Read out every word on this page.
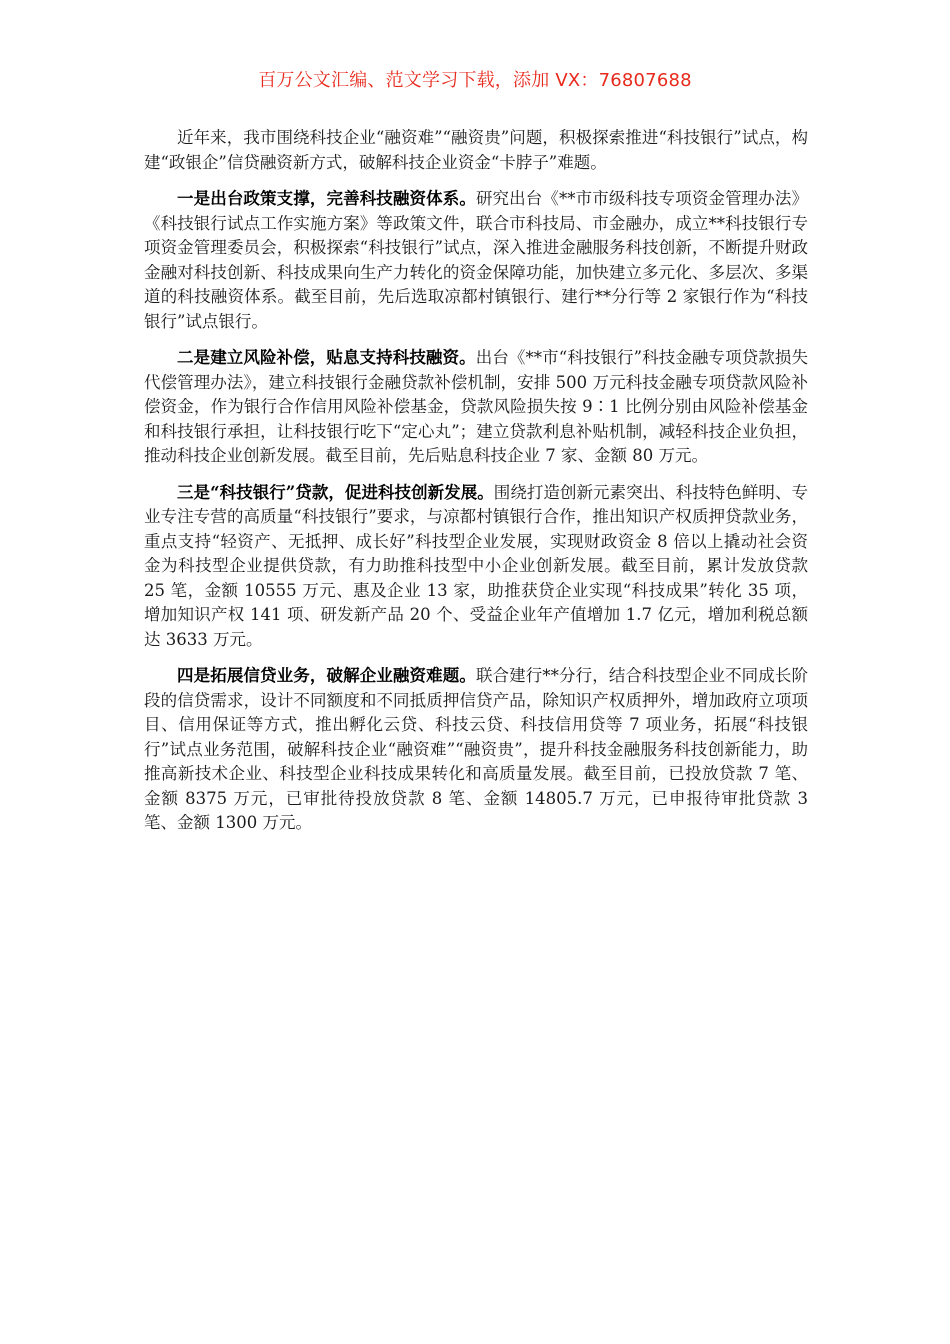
百万公文汇编、范文学习下载，添加 VX：76807688

近年来，我市围绕科技企业“融资难”“融资贵”问题，积极探索推进“科技银行”试点，构建“政银企”信贷融资新方式，破解科技企业资金“卡脖子”难题。

一是出台政策支撑，完善科技融资体系。研究出台《**市市级科技专项资金管理办法》《科技银行试点工作实施方案》等政策文件，联合市科技局、市金融办，成立**科技银行专项资金管理委员会，积极探索“科技银行”试点，深入推进金融服务科技创新，不断提升财政金融对科技创新、科技成果向生产力转化的资金保障功能，加快建立多元化、多层次、多渠道的科技融资体系。截至目前，先后选取凉都村镇银行、建行**分行等 2 家银行作为“科技银行”试点银行。

二是建立风险补偿，贴息支持科技融资。出台《**市“科技银行”科技金融专项贷款损失代偿管理办法》，建立科技银行金融贷款补偿机制，安排 500 万元科技金融专项贷款风险补偿资金，作为银行合作信用风险补偿基金，贷款风险损失按 9∶1 比例分别由风险补偿基金和科技银行承担，让科技银行吃下“定心丸”；建立贷款利息补贴机制，减轻科技企业负担，推动科技企业创新发展。截至目前，先后贴息科技企业 7 家、金额 80 万元。

三是“科技银行”贷款，促进科技创新发展。围绕打造创新元素突出、科技特色鲜明、专业专注专营的高质量“科技银行”要求，与凉都村镇银行合作，推出知识产权质押贷款业务，重点支持“轻资产、无抵押、成长好”科技型企业发展，实现财政资金 8 倍以上撬动社会资金为科技型企业提供贷款，有力助推科技型中小企业创新发展。截至目前，累计发放贷款 25 笔，金额 10555 万元、惠及企业 13 家，助推获贷企业实现“科技成果”转化 35 项，增加知识产权 141 项、研发新产品 20 个、受益企业年产值增加 1.7 亿元，增加利税总额达 3633 万元。

四是拓展信贷业务，破解企业融资难题。联合建行**分行，结合科技型企业不同成长阶段的信贷需求，设计不同额度和不同抵质押信贷产品，除知识产权质押外，增加政府立项项目、信用保证等方式，推出孵化云贷、科技云贷、科技信用贷等 7 项业务，拓展“科技银行”试点业务范围，破解科技企业“融资难”“融资贵”，提升科技金融服务科技创新能力，助推高新技术企业、科技型企业科技成果转化和高质量发展。截至目前，已投放贷款 7 笔、金额 8375 万元，已审批待投放贷款 8 笔、金额 14805.7 万元，已申报待审批贷款 3 笔、金额 1300 万元。
